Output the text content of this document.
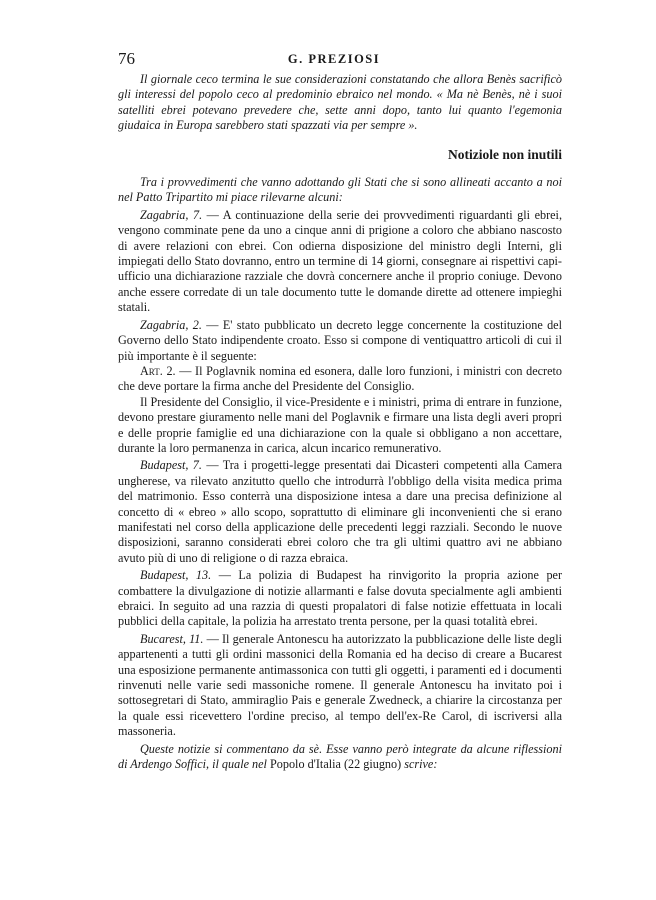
76	G. PREZIOSI

Il giornale ceco termina le sue considerazioni constatando che allora Benès sacrificò gli interessi del popolo ceco al predominio ebraico nel mondo. « Ma nè Benès, nè i suoi satelliti ebrei potevano prevedere che, sette anni dopo, tanto lui quanto l'egemonia giudaica in Europa sarebbero stati spazzati via per sempre ».

Notiziole non inutili

Tra i provvedimenti che vanno adottando gli Stati che si sono allineati accanto a noi nel Patto Tripartito mi piace rilevarne alcuni:

Zagabria, 7. — A continuazione della serie dei provvedimenti riguardanti gli ebrei, vengono comminate pene da uno a cinque anni di prigione a coloro che abbiano nascosto di avere relazioni con ebrei. Con odierna disposizione del ministro degli Interni, gli impiegati dello Stato dovranno, entro un termine di 14 giorni, consegnare ai rispettivi capi-ufficio una dichiarazione razziale che dovrà concernere anche il proprio coniuge. Devono anche essere corredate di un tale documento tutte le domande dirette ad ottenere impieghi statali.

Zagabria, 2. — E' stato pubblicato un decreto legge concernente la costituzione del Governo dello Stato indipendente croato. Esso si compone di ventiquattro articoli di cui il più importante è il seguente:

Art. 2. — Il Poglavnik nomina ed esonera, dalle loro funzioni, i ministri con decreto che deve portare la firma anche del Presidente del Consiglio.

Il Presidente del Consiglio, il vice-Presidente e i ministri, prima di entrare in funzione, devono prestare giuramento nelle mani del Poglavnik e firmare una lista degli averi propri e delle proprie famiglie ed una dichiarazione con la quale si obbligano a non accettare, durante la loro permanenza in carica, alcun incarico remunerativo.

Budapest, 7. — Tra i progetti-legge presentati dai Dicasteri competenti alla Camera ungherese, va rilevato anzitutto quello che introdurrà l'obbligo della visita medica prima del matrimonio. Esso conterrà una disposizione intesa a dare una precisa definizione al concetto di « ebreo » allo scopo, soprattutto di eliminare gli inconvenienti che si erano manifestati nel corso della applicazione delle precedenti leggi razziali. Secondo le nuove disposizioni, saranno considerati ebrei coloro che tra gli ultimi quattro avi ne abbiano avuto più di uno di religione o di razza ebraica.

Budapest, 13. — La polizia di Budapest ha rinvigorito la propria azione per combattere la divulgazione di notizie allarmanti e false dovuta specialmente agli ambienti ebraici. In seguito ad una razzia di questi propalatori di false notizie effettuata in locali pubblici della capitale, la polizia ha arrestato trenta persone, per la quasi totalità ebrei.

Bucarest, 11. — Il generale Antonescu ha autorizzato la pubblicazione delle liste degli appartenenti a tutti gli ordini massonici della Romania ed ha deciso di creare a Bucarest una esposizione permanente antimassonica con tutti gli oggetti, i paramenti ed i documenti rinvenuti nelle varie sedi massoniche romene. Il generale Antonescu ha invitato poi i sottosegretari di Stato, ammiraglio Pais e generale Zwedneck, a chiarire la circostanza per la quale essi ricevettero l'ordine preciso, al tempo dell'ex-Re Carol, di iscriversi alla massoneria.

Queste notizie si commentano da sè. Esse vanno però integrate da alcune riflessioni di Ardengo Soffici, il quale nel Popolo d'Italia (22 giugno) scrive:
